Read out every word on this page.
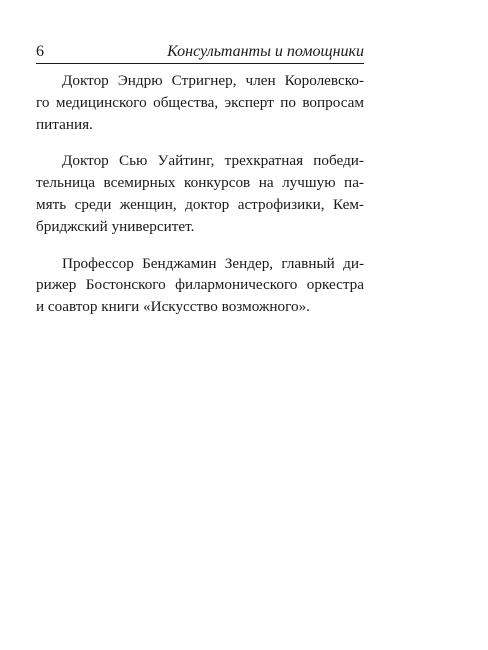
6	Консультанты и помощники

Доктор Эндрю Стригнер, член Королевско-
го медицинского общества, эксперт по вопросам
питания.

Доктор Сью Уайтинг, трехкратная победи-
тельница всемирных конкурсов на лучшую па-
мять среди женщин, доктор астрофизики, Кем-
бриджский университет.

Профессор Бенджамин Зендер, главный ди-
рижер Бостонского филармонического оркестра
и соавтор книги «Искусство возможного».
